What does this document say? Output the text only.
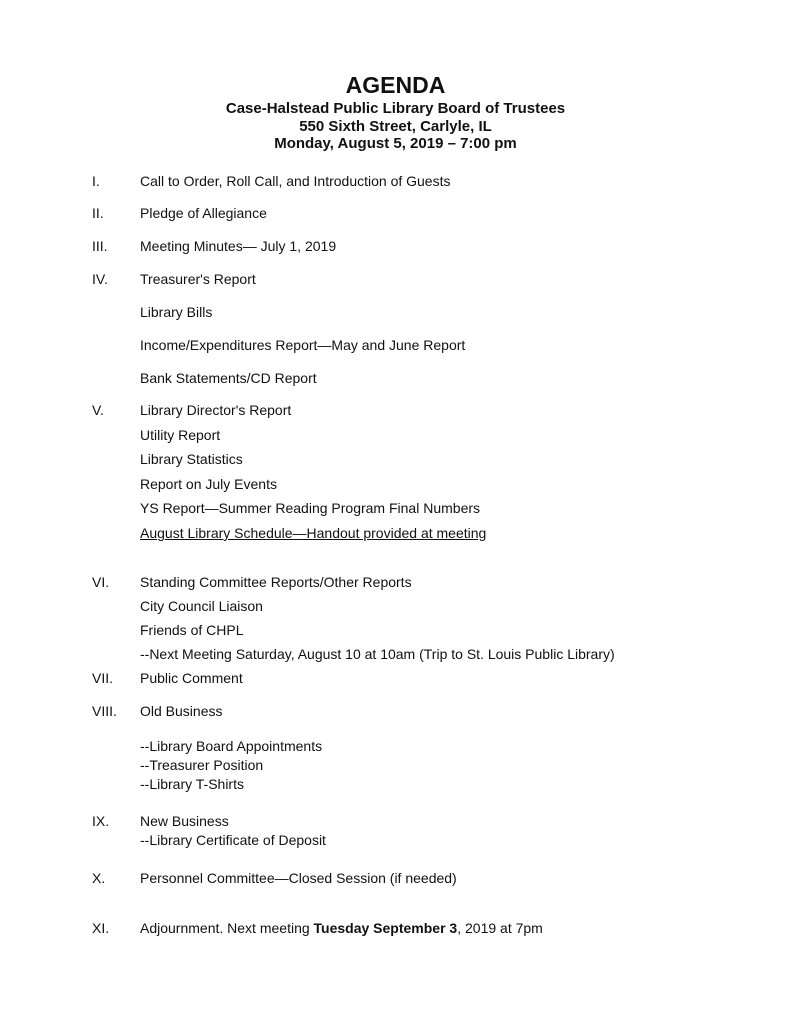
AGENDA
Case-Halstead Public Library Board of Trustees
550 Sixth Street, Carlyle, IL
Monday, August 5, 2019 – 7:00 pm
I.	Call to Order, Roll Call, and Introduction of Guests
II.	Pledge of Allegiance
III. Meeting Minutes— July 1, 2019
IV. Treasurer's Report
Library Bills
Income/Expenditures Report—May and June Report
Bank Statements/CD Report
V.	Library Director's Report
Utility Report
Library Statistics
Report on July Events
YS Report—Summer Reading Program Final Numbers
August Library Schedule—Handout provided at meeting
VI. Standing Committee Reports/Other Reports
City Council Liaison
Friends of CHPL
--Next Meeting Saturday, August 10 at 10am (Trip to St. Louis Public Library)
VII. Public Comment
VIII. Old Business
--Library Board Appointments
--Treasurer Position
--Library T-Shirts
IX. New Business
--Library Certificate of Deposit
X. Personnel Committee—Closed Session (if needed)
XI. Adjournment. Next meeting Tuesday September 3, 2019 at 7pm
